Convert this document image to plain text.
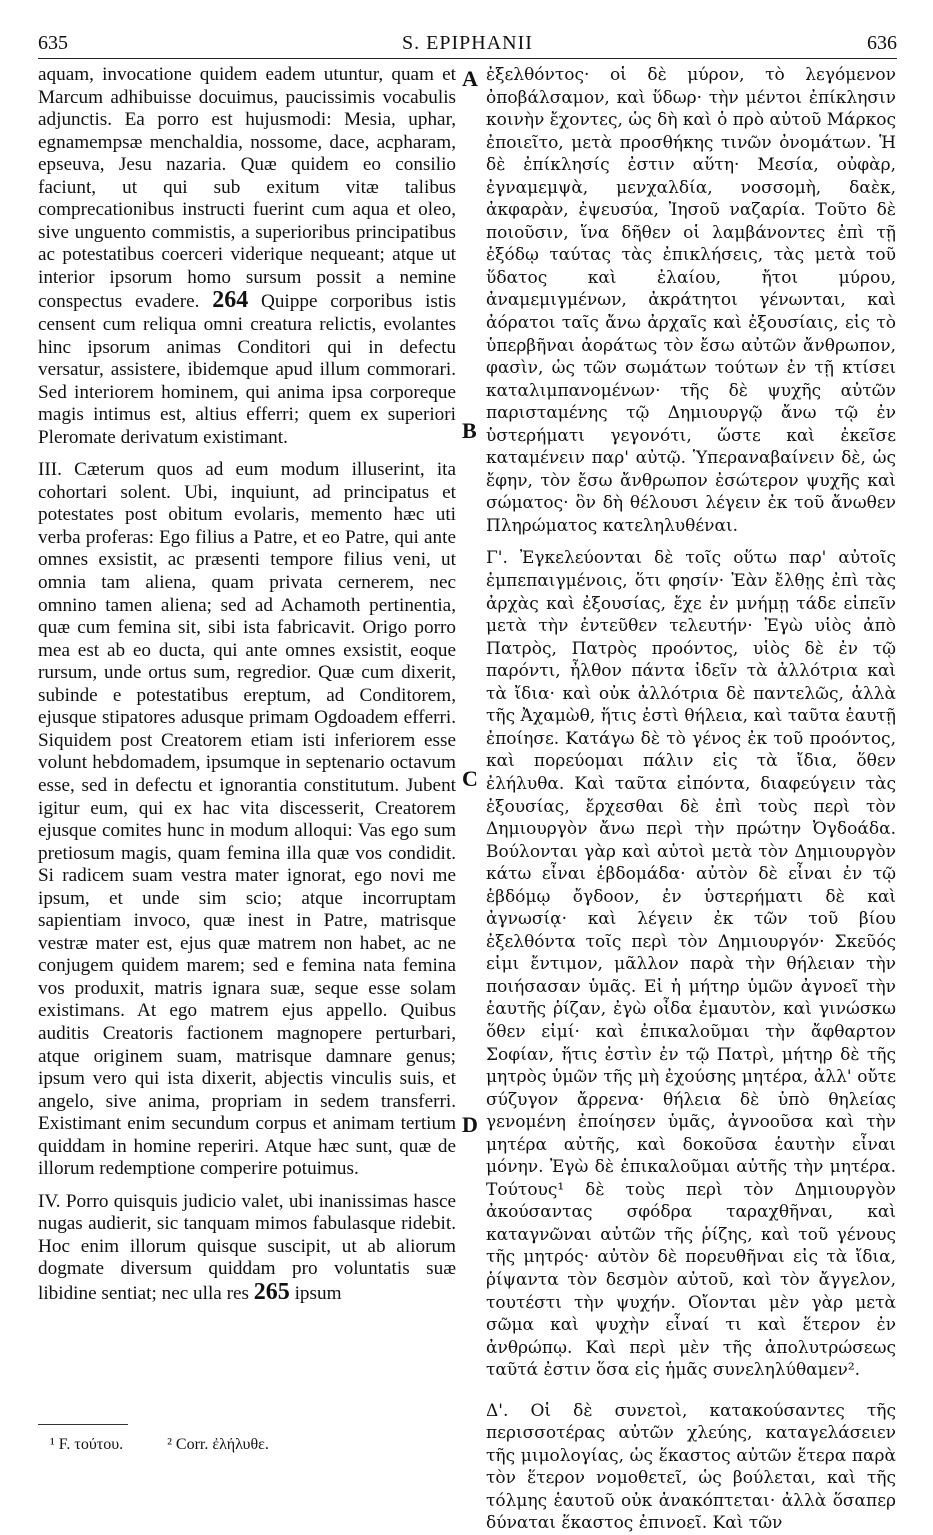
635	S. EPIPHANII	636

aquam, invocatione quidem eadem utuntur, quam et Marcum adhibuisse docuimus, paucissimis vocabulis adjunctis. Ea porro est hujusmodi: Mesia, uphar, egnamempsæ menchaldia, nossome, dace, acpharam, epseuva, Jesu nazaria. Quæ quidem eo consilio faciunt, ut qui sub exitum vitæ talibus comprecationibus instructi fuerint cum aqua et oleo, sive unguento commistis, a superioribus principatibus ac potestatibus coerceri viderique nequeant; atque ut interior ipsorum homo sursum possit a nemine conspectus evadere. 264 Quippe corporibus istis censent cum reliqua omni creatura relictis, evolantes hinc ipsorum animas Conditori qui in defectu versatur, assistere, ibidemque apud illum commorari. Sed interiorem hominem, qui anima ipsa corporeque magis intimus est, altius efferri; quem ex superiori Pleromate derivatum existimant.

III. Cæterum quos ad eum modum illuserint, ita cohortari solent. Ubi, inquiunt, ad principatus et potestates post obitum evolaris, memento hæc uti verba proferas: Ego filius a Patre, et eo Patre, qui ante omnes exsistit, ac præsenti tempore filius veni, ut omnia tam aliena, quam privata cernerem, nec omnino tamen aliena; sed ad Achamoth pertinentia, quæ cum femina sit, sibi ista fabricavit. Origo porro mea est ab eo ducta, qui ante omnes exsistit, eoque rursum, unde ortus sum, regredior. Quæ cum dixerit, subinde e potestatibus ereptum, ad Conditorem, ejusque stipatores adusque primam Ogdoadem efferri. Siquidem post Creatorem etiam isti inferiorem esse volunt hebdomadem, ipsumque in septenario octavum esse, sed in defectu et ignorantia constitutum. Jubent igitur eum, qui ex hac vita discesserit, Creatorem ejusque comites hunc in modum alloqui: Vas ego sum pretiosum magis, quam femina illa quæ vos condidit. Si radicem suam vestra mater ignorat, ego novi me ipsum, et unde sim scio; atque incorruptam sapientiam invoco, quæ inest in Patre, matrisque vestræ mater est, ejus quæ matrem non habet, ac ne conjugem quidem marem; sed e femina nata femina vos produxit, matris ignara suæ, seque esse solam existimans. At ego matrem ejus appello. Quibus auditis Creatoris factionem magnopere perturbari, atque originem suam, matrisque damnare genus; ipsum vero qui ista dixerit, abjectis vinculis suis, et angelo, sive anima, propriam in sedem transferri. Existimant enim secundum corpus et animam tertium quiddam in homine reperiri. Atque hæc sunt, quæ de illorum redemptione comperire potuimus.

IV. Porro quisquis judicio valet, ubi inanissimas hasce nugas audierit, sic tanquam mimos fabulasque ridebit. Hoc enim illorum quisque suscipit, ut ab aliorum dogmate diversum quiddam pro voluntatis suæ libidine sentiat; nec ulla res 265 ipsum

A
B
C
D

ἐξελθόντος· οἱ δὲ μύρον, τὸ λεγόμενον ὀποβάλσαμον, καὶ ὕδωρ· τὴν μέντοι ἐπίκλησιν κοινὴν ἔχοντες, ὡς δὴ καὶ ὁ πρὸ αὐτοῦ Μάρκος ἐποιεῖτο, μετὰ προσθήκης τινῶν ὀνομάτων. Ἡ δὲ ἐπίκλησίς ἐστιν αὕτη· Μεσία, οὐφὰρ, ἐγναμεμψὰ, μενχαλδία, νοσσομὴ, δαὲκ, ἀκφαρὰν, ἐψευσύα, Ἰησοῦ ναζαρία. Τοῦτο δὲ ποιοῦσιν, ἵνα δῆθεν οἱ λαμβάνοντες ἐπὶ τῇ ἐξόδῳ ταύτας τὰς ἐπικλήσεις, τὰς μετὰ τοῦ ὕδατος καὶ ἐλαίου, ἤτοι μύρου, ἀναμεμιγμένων, ἀκράτητοι γένωνται, καὶ ἀόρατοι ταῖς ἄνω ἀρχαῖς καὶ ἐξουσίαις, εἰς τὸ ὑπερβῆναι ἀοράτως τὸν ἔσω αὐτῶν ἄνθρωπον, φασὶν, ὡς τῶν σωμάτων τούτων ἐν τῇ κτίσει καταλιμπανομένων· τῆς δὲ ψυχῆς αὐτῶν παρισταμένης τῷ Δημιουργῷ ἄνω τῷ ἐν ὑστερήματι γεγονότι, ὥστε καὶ ἐκεῖσε καταμένειν παρ' αὐτῷ. Ὑπεραναβαίνειν δὲ, ὡς ἔφην, τὸν ἔσω ἄνθρωπον ἐσώτερον ψυχῆς καὶ σώματος· ὃν δὴ θέλουσι λέγειν ἐκ τοῦ ἄνωθεν Πληρώματος κατεληλυθέναι.

Γ'. Ἐγκελεύονται δὲ τοῖς οὕτω παρ' αὐτοῖς ἐμπεπαιγμένοις, ὅτι φησίν· Ἐὰν ἔλθῃς ἐπὶ τὰς ἀρχὰς καὶ ἐξουσίας, ἔχε ἐν μνήμῃ τάδε εἰπεῖν μετὰ τὴν ἐντεῦθεν τελευτήν· Ἐγὼ υἱὸς ἀπὸ Πατρὸς, Πατρὸς προόντος, υἱὸς δὲ ἐν τῷ παρόντι, ἦλθον πάντα ἰδεῖν τὰ ἀλλότρια καὶ τὰ ἴδια· καὶ οὐκ ἀλλότρια δὲ παντελῶς, ἀλλὰ τῆς Ἀχαμὼθ, ἥτις ἐστὶ θήλεια, καὶ ταῦτα ἑαυτῇ ἐποίησε. Κατάγω δὲ τὸ γένος ἐκ τοῦ προόντος, καὶ πορεύομαι πάλιν εἰς τὰ ἴδια, ὅθεν ἐλήλυθα. Καὶ ταῦτα εἰπόντα, διαφεύγειν τὰς ἐξουσίας, ἔρχεσθαι δὲ ἐπὶ τοὺς περὶ τὸν Δημιουργὸν ἄνω περὶ τὴν πρώτην Ὀγδοάδα. Βούλονται γὰρ καὶ αὐτοὶ μετὰ τὸν Δημιουργὸν κάτω εἶναι ἑβδομάδα· αὐτὸν δὲ εἶναι ἐν τῷ ἑβδόμῳ ὄγδοον, ἐν ὑστερήματι δὲ καὶ ἀγνωσίᾳ· καὶ λέγειν ἐκ τῶν τοῦ βίου ἐξελθόντα τοῖς περὶ τὸν Δημιουργόν· Σκεῦός εἰμι ἔντιμον, μᾶλλον παρὰ τὴν θήλειαν τὴν ποιήσασαν ὑμᾶς. Εἰ ἡ μήτηρ ὑμῶν ἀγνοεῖ τὴν ἑαυτῆς ῥίζαν, ἐγὼ οἶδα ἐμαυτὸν, καὶ γινώσκω ὅθεν εἰμί· καὶ ἐπικαλοῦμαι τὴν ἄφθαρτον Σοφίαν, ἥτις ἐστὶν ἐν τῷ Πατρὶ, μήτηρ δὲ τῆς μητρὸς ὑμῶν τῆς μὴ ἐχούσης μητέρα, ἀλλ' οὔτε σύζυγον ἄρρενα· θήλεια δὲ ὑπὸ θηλείας γενομένη ἐποίησεν ὑμᾶς, ἀγνοοῦσα καὶ τὴν μητέρα αὐτῆς, καὶ δοκοῦσα ἑαυτὴν εἶναι μόνην. Ἐγὼ δὲ ἐπικαλοῦμαι αὐτῆς τὴν μητέρα. Τούτους¹ δὲ τοὺς περὶ τὸν Δημιουργὸν ἀκούσαντας σφόδρα ταραχθῆναι, καὶ καταγνῶναι αὐτῶν τῆς ῥίζης, καὶ τοῦ γένους τῆς μητρός· αὐτὸν δὲ πορευθῆναι εἰς τὰ ἴδια, ῥίψαντα τὸν δεσμὸν αὐτοῦ, καὶ τὸν ἄγγελον, τουτέστι τὴν ψυχήν. Οἴονται μὲν γὰρ μετὰ σῶμα καὶ ψυχὴν εἶναί τι καὶ ἕτερον ἐν ἀνθρώπῳ. Καὶ περὶ μὲν τῆς ἀπολυτρώσεως ταῦτά ἐστιν ὅσα εἰς ἡμᾶς συνεληλύθαμεν².

Δ'. Οἱ δὲ συνετοὶ, κατακούσαντες τῆς περισσοτέρας αὐτῶν χλεύης, καταγελάσειεν τῆς μιμολογίας, ὡς ἕκαστος αὐτῶν ἕτερα παρὰ τὸν ἕτερον νομοθετεῖ, ὡς βούλεται, καὶ τῆς τόλμης ἑαυτοῦ οὐκ ἀνακόπτεται· ἀλλὰ ὅσαπερ δύναται ἕκαστος ἐπινοεῖ. Καὶ τῶν

¹ F. τούτου.	² Corr. ἐλήλυθε.
